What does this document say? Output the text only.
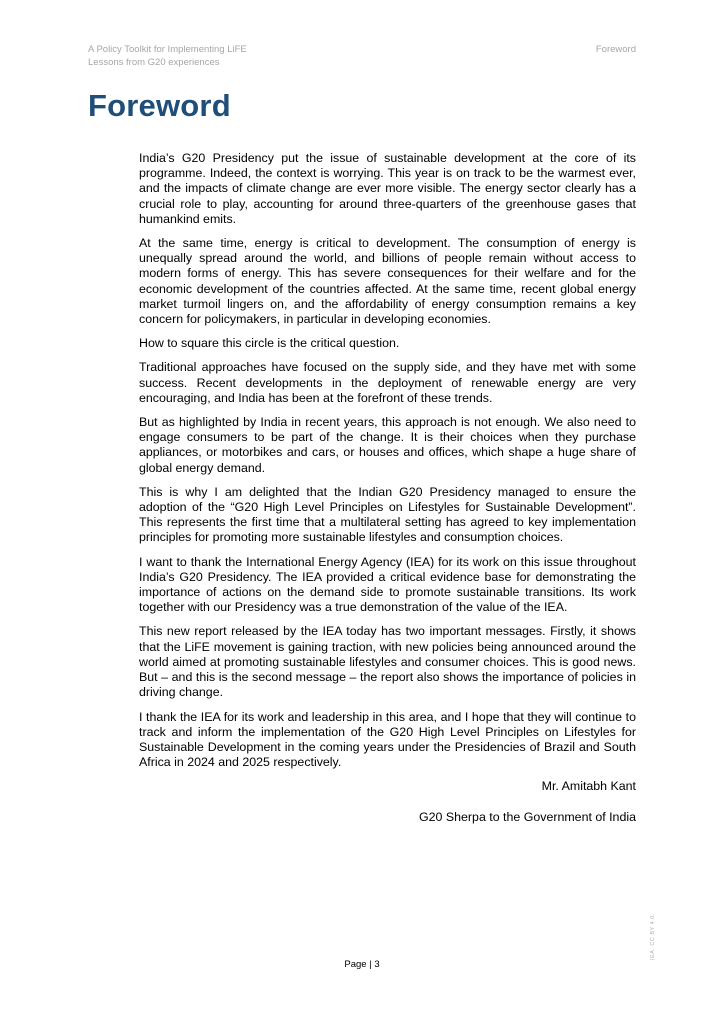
A Policy Toolkit for Implementing LiFE
Lessons from G20 experiences
Foreword
Foreword

India’s G20 Presidency put the issue of sustainable development at the core of its programme. Indeed, the context is worrying. This year is on track to be the warmest ever, and the impacts of climate change are ever more visible. The energy sector clearly has a crucial role to play, accounting for around three-quarters of the greenhouse gases that humankind emits.

At the same time, energy is critical to development. The consumption of energy is unequally spread around the world, and billions of people remain without access to modern forms of energy. This has severe consequences for their welfare and for the economic development of the countries affected. At the same time, recent global energy market turmoil lingers on, and the affordability of energy consumption remains a key concern for policymakers, in particular in developing economies.

How to square this circle is the critical question.

Traditional approaches have focused on the supply side, and they have met with some success. Recent developments in the deployment of renewable energy are very encouraging, and India has been at the forefront of these trends.

But as highlighted by India in recent years, this approach is not enough. We also need to engage consumers to be part of the change. It is their choices when they purchase appliances, or motorbikes and cars, or houses and offices, which shape a huge share of global energy demand.

This is why I am delighted that the Indian G20 Presidency managed to ensure the adoption of the “G20 High Level Principles on Lifestyles for Sustainable Development”. This represents the first time that a multilateral setting has agreed to key implementation principles for promoting more sustainable lifestyles and consumption choices.

I want to thank the International Energy Agency (IEA) for its work on this issue throughout India’s G20 Presidency. The IEA provided a critical evidence base for demonstrating the importance of actions on the demand side to promote sustainable transitions. Its work together with our Presidency was a true demonstration of the value of the IEA.

This new report released by the IEA today has two important messages. Firstly, it shows that the LiFE movement is gaining traction, with new policies being announced around the world aimed at promoting sustainable lifestyles and consumer choices. This is good news. But – and this is the second message – the report also shows the importance of policies in driving change.

I thank the IEA for its work and leadership in this area, and I hope that they will continue to track and inform the implementation of the G20 High Level Principles on Lifestyles for Sustainable Development in the coming years under the Presidencies of Brazil and South Africa in 2024 and 2025 respectively.

Mr. Amitabh Kant

G20 Sherpa to the Government of India

Page | 3
IEA. CC BY 4.0.
